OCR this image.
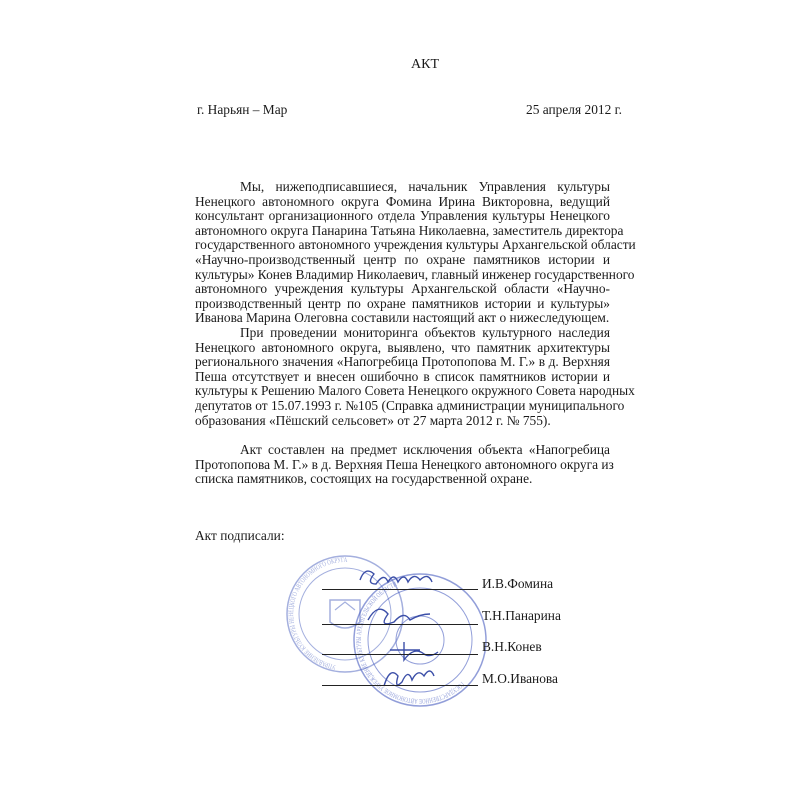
АКТ
г. Нарьян – Мар	25 апреля 2012 г.
Мы, нижеподписавшиеся, начальник Управления культуры
Ненецкого автономного округа Фомина Ирина Викторовна, ведущий
консультант организационного отдела Управления культуры Ненецкого
автономного округа Панарина Татьяна Николаевна, заместитель директора
государственного автономного учреждения культуры Архангельской области
«Научно-производственный центр по охране памятников истории и
культуры» Конев Владимир Николаевич, главный инженер государственного
автономного учреждения культуры Архангельской области «Научно-
производственный центр по охране памятников истории и культуры»
Иванова Марина Олеговна составили настоящий акт о нижеследующем.
При проведении мониторинга объектов культурного наследия
Ненецкого автономного округа, выявлено, что памятник архитектуры
регионального значения «Напогребица Протопопова М. Г.» в д. Верхняя
Пеша отсутствует и внесен ошибочно в список памятников истории и
культуры к Решению Малого Совета Ненецкого окружного Совета народных
депутатов от 15.07.1993 г. №105 (Справка администрации муниципального
образования «Пёшский сельсовет» от 27 марта 2012 г. № 755).
Акт составлен на предмет исключения объекта «Напогребица
Протопопова М. Г.» в д. Верхняя Пеша Ненецкого автономного округа из
списка памятников, состоящих на государственной охране.
Акт подписали:
УПРАВЛЕНИЕ КУЛЬТУРЫ НЕНЕЦКОГО АВТОНОМНОГО ОКРУГА
ГОСУДАРСТВЕННОЕ АВТОНОМНОЕ УЧРЕЖДЕНИЕ КУЛЬТУРЫ АРХАНГЕЛЬСКОЙ ОБЛАСТИ	И.В.Фомина
Т.Н.Панарина
В.Н.Конев
М.О.Иванова
